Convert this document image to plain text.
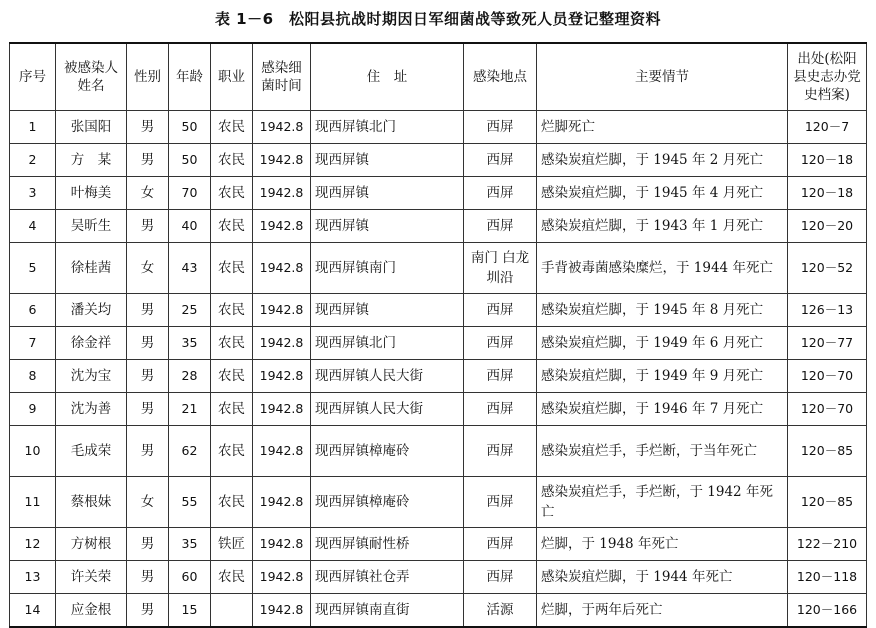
表 1－6　松阳县抗战时期因日军细菌战等致死人员登记整理资料
序号	被感染人姓名	性别	年龄	职业	感染细菌时间	住　址	感染地点	主要情节	出处(松阳县史志办党史档案)
1	张国阳	男	50	农民	1942.8	现西屏镇北门	西屏	烂脚死亡	120－7
2	方　某	男	50	农民	1942.8	现西屏镇	西屏	感染炭疽烂脚，于 1945 年 2 月死亡	120－18
3	叶梅美	女	70	农民	1942.8	现西屏镇	西屏	感染炭疽烂脚，于 1945 年 4 月死亡	120－18
4	吴昕生	男	40	农民	1942.8	现西屏镇	西屏	感染炭疽烂脚，于 1943 年 1 月死亡	120－20
5	徐桂茜	女	43	农民	1942.8	现西屏镇南门	南门 白龙圳沿	手背被毒菌感染糜烂，于 1944 年死亡	120－52
6	潘关均	男	25	农民	1942.8	现西屏镇	西屏	感染炭疽烂脚，于 1945 年 8 月死亡	126－13
7	徐金祥	男	35	农民	1942.8	现西屏镇北门	西屏	感染炭疽烂脚，于 1949 年 6 月死亡	120－77
8	沈为宝	男	28	农民	1942.8	现西屏镇人民大街	西屏	感染炭疽烂脚，于 1949 年 9 月死亡	120－70
9	沈为善	男	21	农民	1942.8	现西屏镇人民大街	西屏	感染炭疽烂脚，于 1946 年 7 月死亡	120－70
10	毛成荣	男	62	农民	1942.8	现西屏镇樟庵砱	西屏	感染炭疽烂手，手烂断，于当年死亡	120－85
11	蔡根妹	女	55	农民	1942.8	现西屏镇樟庵砱	西屏	感染炭疽烂手，手烂断，于 1942 年死亡	120－85
12	方树根	男	35	铁匠	1942.8	现西屏镇耐性桥	西屏	烂脚，于 1948 年死亡	122－210
13	许关荣	男	60	农民	1942.8	现西屏镇社仓弄	西屏	感染炭疽烂脚，于 1944 年死亡	120－118
14	应金根	男	15		1942.8	现西屏镇南直街	活源	烂脚，于两年后死亡	120－166
